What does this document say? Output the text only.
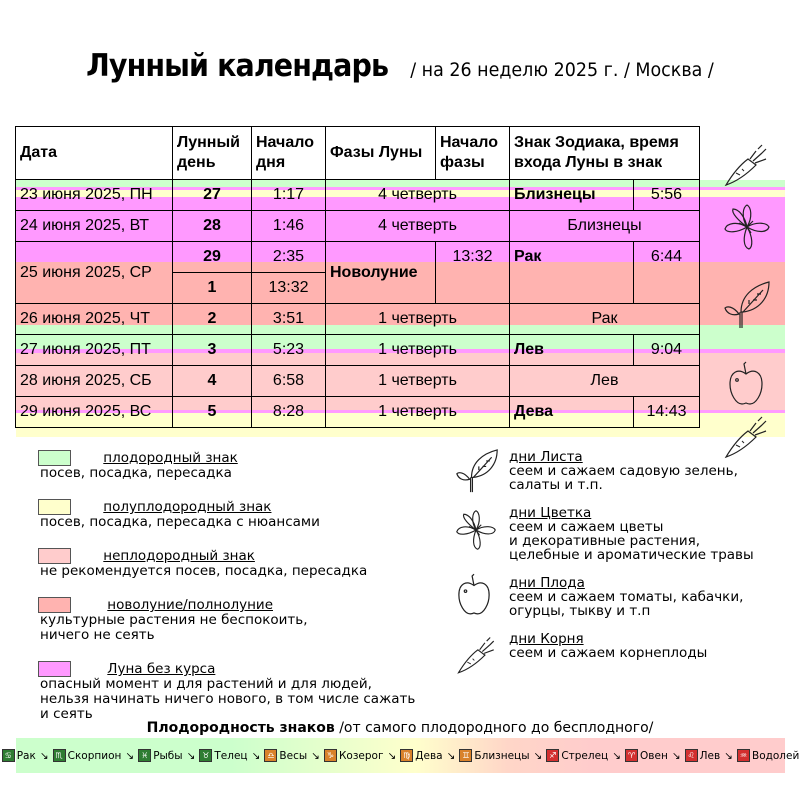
Лунный календарь / на 26 неделю 2025 г. / Москва /
Дата	Лунный день	Начало дня	Фазы Луны	Начало фазы	Знак Зодиака, время входа Луны в знак	
23 июня 2025, ПН	27	1:17	4 четверть		Близнецы	5:56
24 июня 2025, ВТ	28	1:46	4 четверть		Близнецы	
25 июня 2025, СР	29	2:35	Новолуние	13:32	Рак	6:44
	1	13:32				
26 июня 2025, ЧТ	2	3:51	1 четверть		Рак	
27 июня 2025, ПТ	3	5:23	1 четверть		Лев	9:04
28 июня 2025, СБ	4	6:58	1 четверть		Лев	
29 июня 2025, ВС	5	8:28	1 четверть		Дева	14:43
плодородный знак
посев, посадка, пересадка
полуплодородный знак
посев, посадка, пересадка с нюансами
неплодородный знак
не рекомендуется посев, посадка, пересадка
новолуние/полнолуние
культурные растения не беспокоить,
ничего не сеять
Луна без курса
опасный момент и для растений и для людей,
нельзя начинать ничего нового, в том числе сажать
и сеять
дни Листа
сеем и сажаем садовую зелень,
салаты и т.п.
дни Цветка
сеем и сажаем цветы
и декоративные растения,
целебные и ароматические травы
дни Плода
сеем и сажаем томаты, кабачки,
огурцы, тыкву и т.п
дни Корня
сеем и сажаем корнеплоды
Плодородность знаков /от самого плодородного до бесплодного/
♋ Рак ↘ ♏ Скорпион ↘ ♓ Рыбы ↘ ♉ Телец ↘ ♎ Весы ↘ ♑ Козерог ↘ ♍ Дева ↘ ♊ Близнецы ↘ ♐ Стрелец ↘ ♈ Овен ↘ ♌ Лев ↘ ♒ Водолей
